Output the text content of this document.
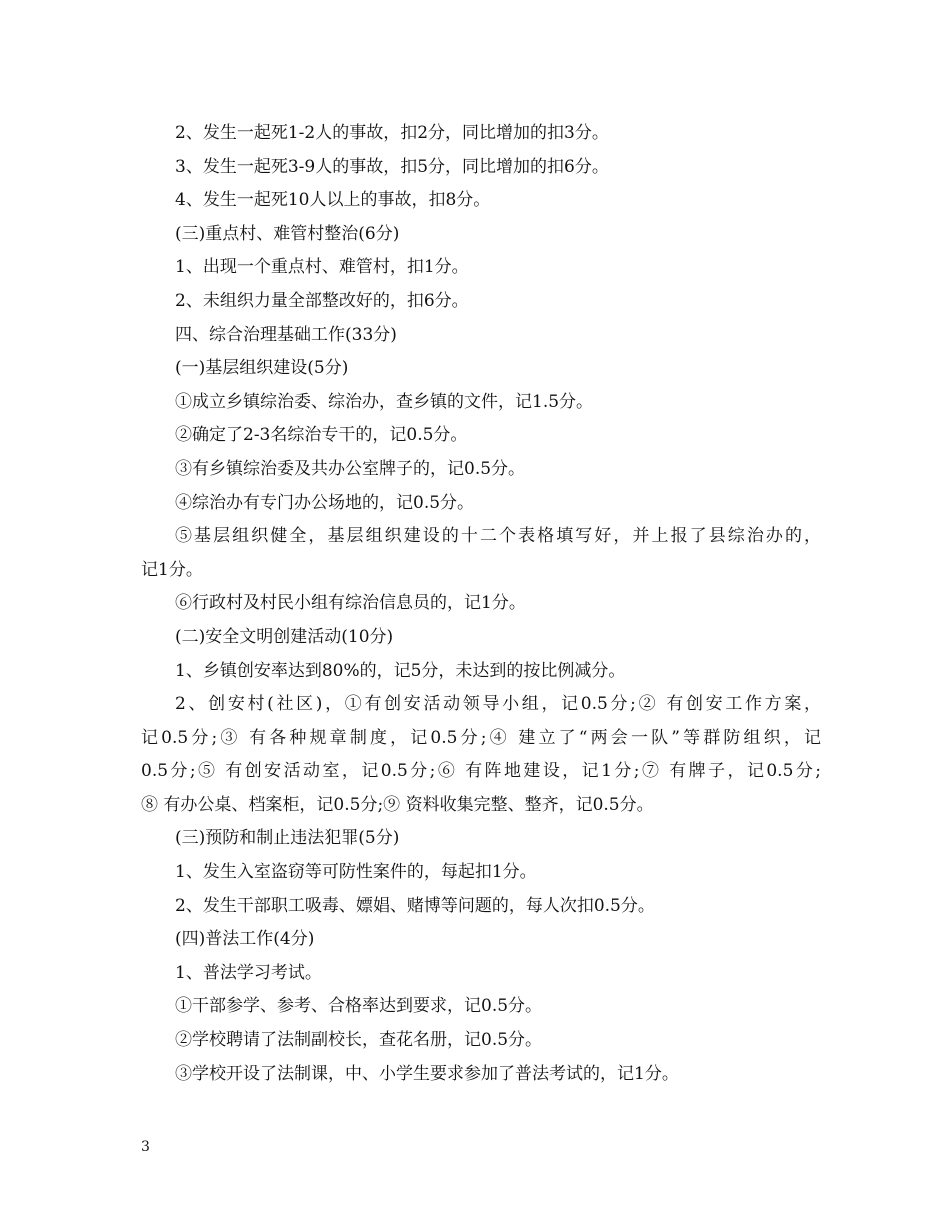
2、发生一起死1-2人的事故，扣2分，同比增加的扣3分。
3、发生一起死3-9人的事故，扣5分，同比增加的扣6分。
4、发生一起死10人以上的事故，扣8分。
(三)重点村、难管村整治(6分)
1、出现一个重点村、难管村，扣1分。
2、未组织力量全部整改好的，扣6分。
四、综合治理基础工作(33分)
(一)基层组织建设(5分)
①成立乡镇综治委、综治办，查乡镇的文件，记1.5分。
②确定了2-3名综治专干的，记0.5分。
③有乡镇综治委及共办公室牌子的，记0.5分。
④综治办有专门办公场地的，记0.5分。
⑤基层组织健全，基层组织建设的十二个表格填写好，并上报了县综治办的，
记1分。
⑥行政村及村民小组有综治信息员的，记1分。
(二)安全文明创建活动(10分)
1、乡镇创安率达到80%的，记5分，未达到的按比例减分。
2、创安村(社区)，①有创安活动领导小组，记0.5分;② 有创安工作方案，
记0.5分;③ 有各种规章制度，记0.5分;④ 建立了“两会一队”等群防组织，记
0.5分;⑤ 有创安活动室，记0.5分;⑥ 有阵地建设，记1分;⑦ 有牌子，记0.5分;
⑧ 有办公桌、档案柜，记0.5分;⑨ 资料收集完整、整齐，记0.5分。
(三)预防和制止违法犯罪(5分)
1、发生入室盗窃等可防性案件的，每起扣1分。
2、发生干部职工吸毒、嫖娼、赌博等问题的，每人次扣0.5分。
(四)普法工作(4分)
1、普法学习考试。
①干部参学、参考、合格率达到要求，记0.5分。
②学校聘请了法制副校长，查花名册，记0.5分。
③学校开设了法制课，中、小学生要求参加了普法考试的，记1分。
3
